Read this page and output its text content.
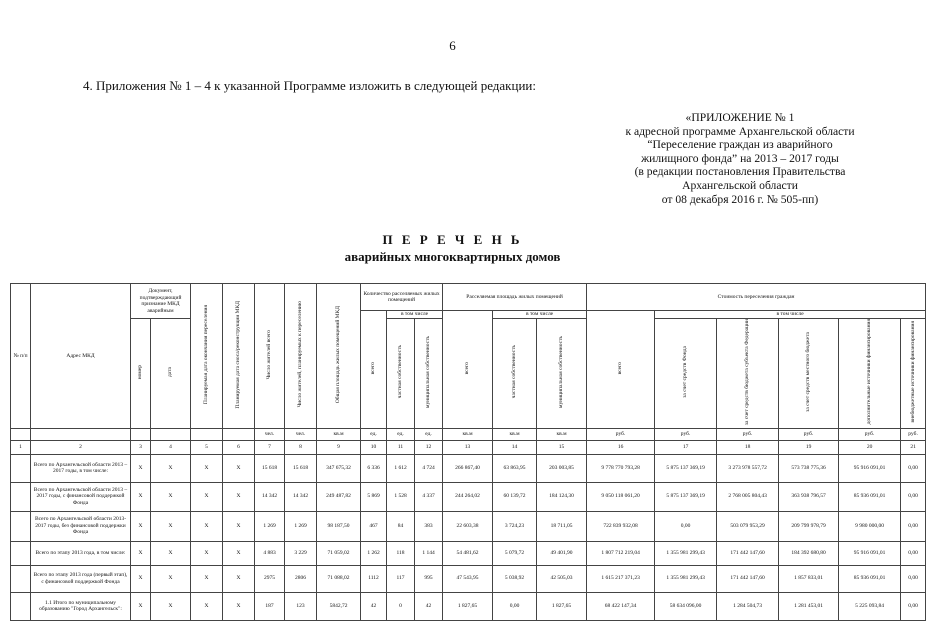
6
4. Приложения № 1 – 4 к указанной Программе изложить в следующей редакции:
«ПРИЛОЖЕНИЕ № 1
к адресной программе Архангельской области
“Переселение граждан из аварийного
жилищного фонда” на 2013 – 2017 годы
(в редакции постановления Правительства
Архангельской области
от 08 декабря 2016 г. № 505-пп)
П Е Р Е Ч Е Н Ь
аварийных многоквартирных домов
№ п/п	Адрес МКД	Документ, подтверждающий признание МКД аварийным		Планируемая дата окончания переселения	Планируемая дата сноса/реконструкции МКД	Число жителей всего	Число жителей, планируемых к переселению	Общая площадь жилых помещений МКД	Количество расселяемых жилых помещений			Расселяемая площадь жилых помещений			Стоимость переселения граждан					
									всего	в том числе		всего	в том числе		всего	в том числе				
		номер	дата							частная собственность	муниципальная собственность		частная собственность	муниципальная собственность		за счет средств Фонда	за счет средств бюджета субъекта Федерации	за счет средств местного бюджета	дополнительные источники финансирования	внебюджетные источники финансирования
						чел.	чел.	кв.м	ед.	ед.	ед.	кв.м	кв.м	кв.м	руб.	руб.	руб.	руб.	руб.	руб.
1	2	3	4	5	6	7	8	9	10	11	12	13	14	15	16	17	18	19	20	21
	Всего по Архангельской области 2013 – 2017 годы, в том числе:	X	X	X	X	15 618	15 618	347 675,32	6 336	1 612	4 724	266 867,40	63 863,95	203 003,85	9 778 770 793,28	5 875 137 369,19	3 273 978 557,72	573 738 775,36	95 916 091,01	0,00
	Всего по Архангельской области 2013 – 2017 годы, с финансовой поддержкой Фонда	X	X	X	X	14 342	14 342	249 487,82	5 869	1 528	4 337	244 264,02	60 139,72	184 124,30	9 050 118 061,20	5 875 137 369,19	2 768 005 804,43	363 938 796,57	85 936 091,01	0,00
	Всего по Архангельской области 2013-2017 годы, без финансовой поддержки Фонда	X	X	X	X	1 269	1 269	98 187,50	467	84	383	22 603,38	3 724,23	18 711,05	722 839 932,08	0,00	503 079 953,29	209 799 978,79	9 980 000,00	0,00
	Всего по этапу 2013 года, в том числе:	X	X	X	X	4 883	3 229	71 059,02	1 262	118	1 144	54 481,62	5 079,72	49 401,90	1 807 712 219,04	1 355 981 299,43	171 442 147,60	184 392 680,80	95 916 091,01	0,00
	Всего по этапу 2013 года (первый этап), с финансовой поддержкой Фонда	X	X	X	X	2975	2806	71 088,02	1112	117	995	47 543,95	5 038,92	42 505,03	1 615 217 371,23	1 355 981 299,43	171 442 147,60	1 857 833,01	85 936 091,01	0,00
	1.1 Итого по муниципальному образованию "Город Архангельск":	X	X	X	X	187	123	5842,72	42	0	42	1 827,65	0,00	1 827,65	68 422 147,34	58 634 096,00	1 284 504,73	1 281 453,01	5 225 093,84	0,00
